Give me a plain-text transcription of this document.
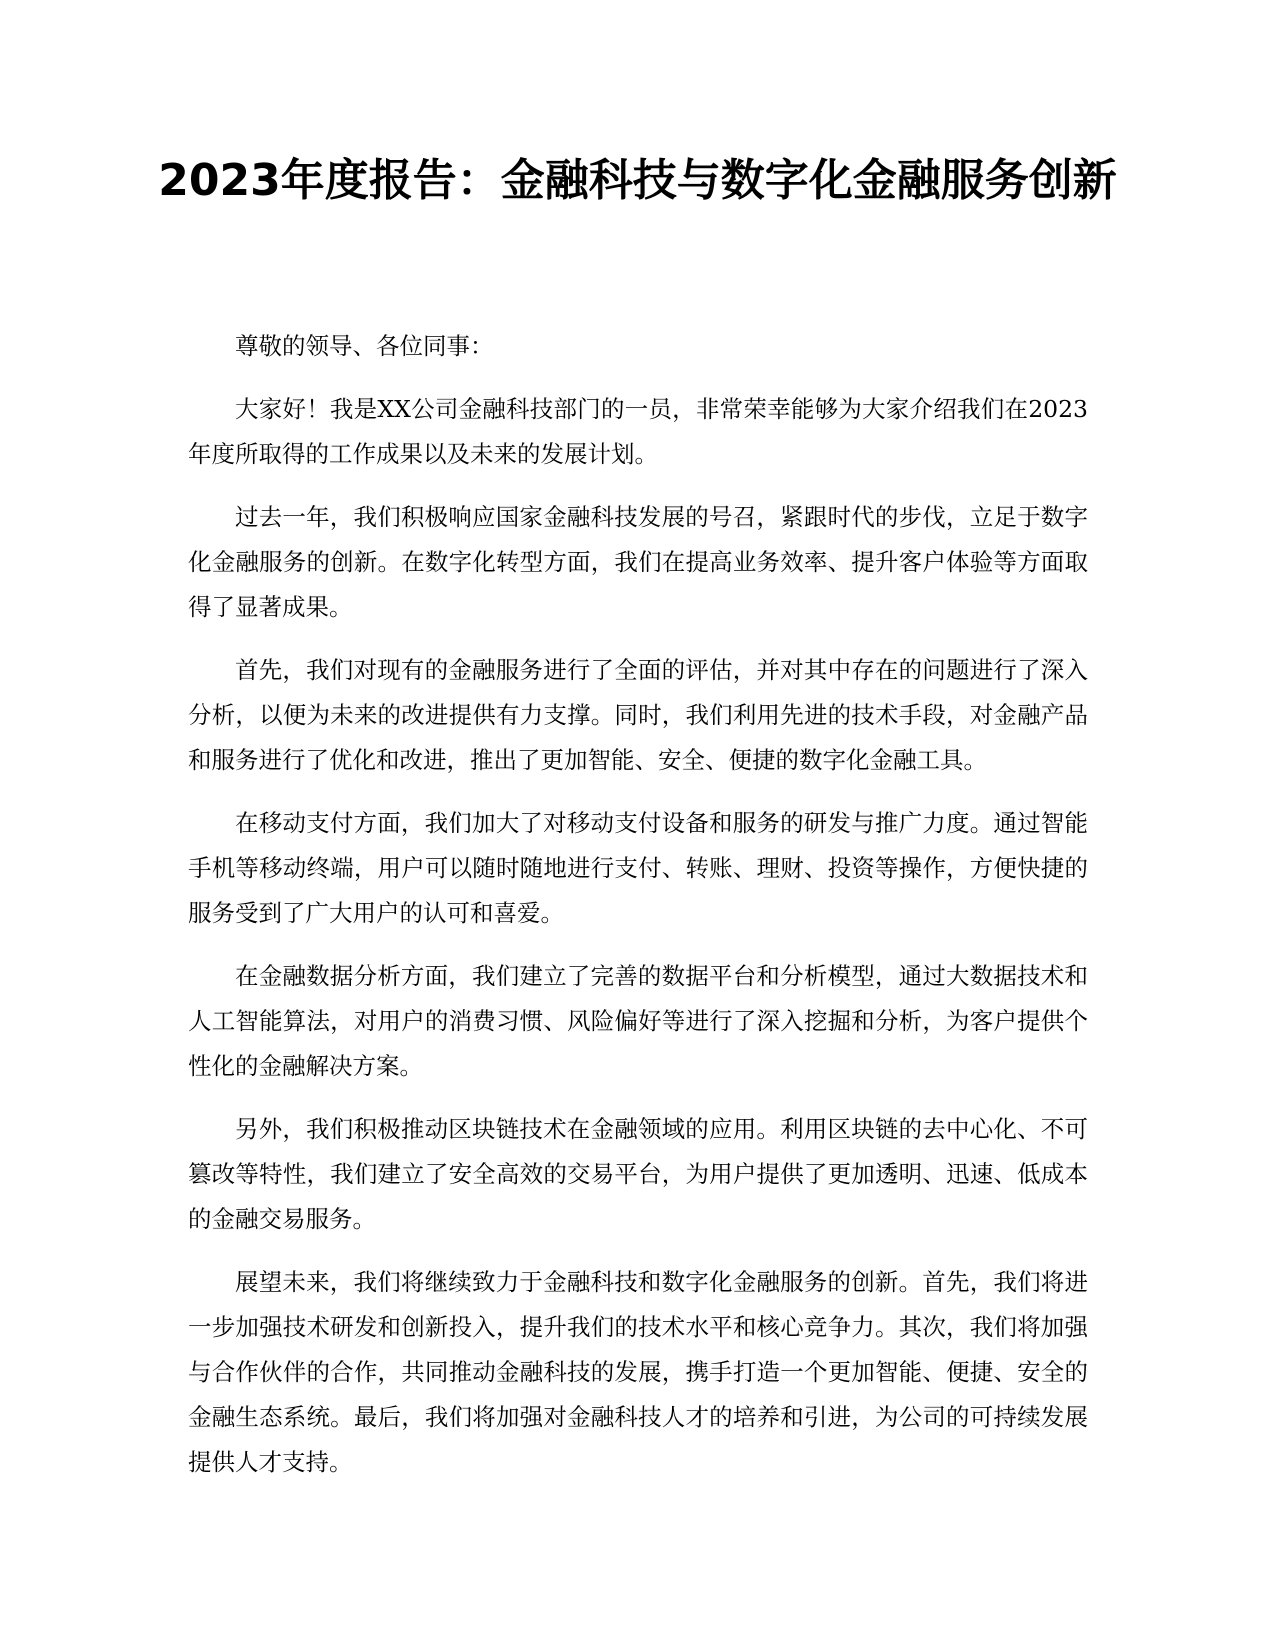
2023年度报告：金融科技与数字化金融服务创新

尊敬的领导、各位同事：

大家好！我是XX公司金融科技部门的一员，非常荣幸能够为大家介绍我们在2023年度所取得的工作成果以及未来的发展计划。

过去一年，我们积极响应国家金融科技发展的号召，紧跟时代的步伐，立足于数字化金融服务的创新。在数字化转型方面，我们在提高业务效率、提升客户体验等方面取得了显著成果。

首先，我们对现有的金融服务进行了全面的评估，并对其中存在的问题进行了深入分析，以便为未来的改进提供有力支撑。同时，我们利用先进的技术手段，对金融产品和服务进行了优化和改进，推出了更加智能、安全、便捷的数字化金融工具。

在移动支付方面，我们加大了对移动支付设备和服务的研发与推广力度。通过智能手机等移动终端，用户可以随时随地进行支付、转账、理财、投资等操作，方便快捷的服务受到了广大用户的认可和喜爱。

在金融数据分析方面，我们建立了完善的数据平台和分析模型，通过大数据技术和人工智能算法，对用户的消费习惯、风险偏好等进行了深入挖掘和分析，为客户提供个性化的金融解决方案。

另外，我们积极推动区块链技术在金融领域的应用。利用区块链的去中心化、不可篡改等特性，我们建立了安全高效的交易平台，为用户提供了更加透明、迅速、低成本的金融交易服务。

展望未来，我们将继续致力于金融科技和数字化金融服务的创新。首先，我们将进一步加强技术研发和创新投入，提升我们的技术水平和核心竞争力。其次，我们将加强与合作伙伴的合作，共同推动金融科技的发展，携手打造一个更加智能、便捷、安全的金融生态系统。最后，我们将加强对金融科技人才的培养和引进，为公司的可持续发展提供人才支持。
